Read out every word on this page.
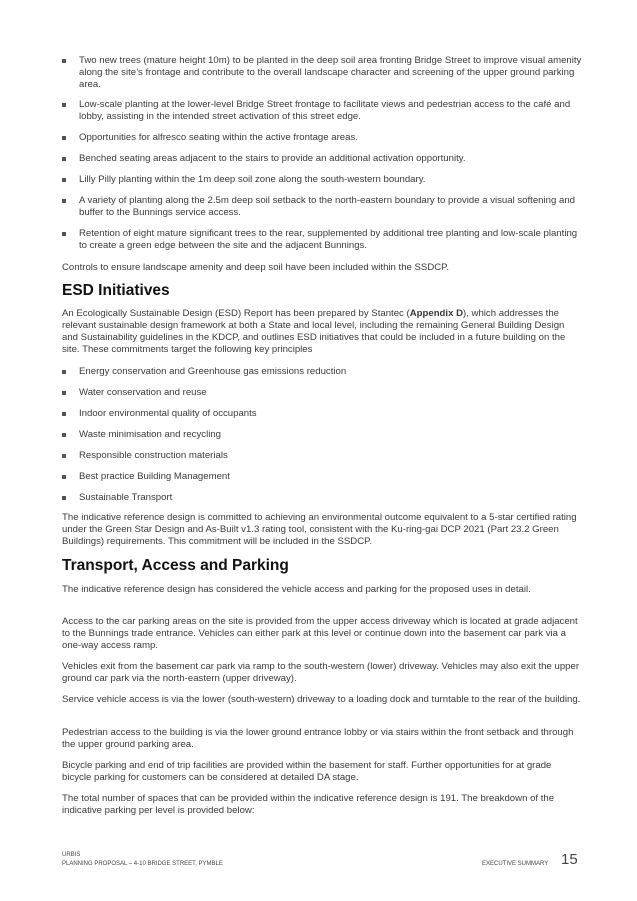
Two new trees (mature height 10m) to be planted in the deep soil area fronting Bridge Street to improve visual amenity along the site’s frontage and contribute to the overall landscape character and screening of the upper ground parking area.
Low-scale planting at the lower-level Bridge Street frontage to facilitate views and pedestrian access to the café and lobby, assisting in the intended street activation of this street edge.
Opportunities for alfresco seating within the active frontage areas.
Benched seating areas adjacent to the stairs to provide an additional activation opportunity.
Lilly Pilly planting within the 1m deep soil zone along the south-western boundary.
A variety of planting along the 2.5m deep soil setback to the north-eastern boundary to provide a visual softening and buffer to the Bunnings service access.
Retention of eight mature significant trees to the rear, supplemented by additional tree planting and low-scale planting to create a green edge between the site and the adjacent Bunnings.

Controls to ensure landscape amenity and deep soil have been included within the SSDCP.

ESD Initiatives

An Ecologically Sustainable Design (ESD) Report has been prepared by Stantec (Appendix D), which addresses the relevant sustainable design framework at both a State and local level, including the remaining General Building Design and Sustainability guidelines in the KDCP, and outlines ESD initiatives that could be included in a future building on the site. These commitments target the following key principles

Energy conservation and Greenhouse gas emissions reduction
Water conservation and reuse
Indoor environmental quality of occupants
Waste minimisation and recycling
Responsible construction materials
Best practice Building Management
Sustainable Transport

The indicative reference design is committed to achieving an environmental outcome equivalent to a 5-star certified rating under the Green Star Design and As-Built v1.3 rating tool, consistent with the Ku-ring-gai DCP 2021 (Part 23.2 Green Buildings) requirements. This commitment will be included in the SSDCP.

Transport, Access and Parking

The indicative reference design has considered the vehicle access and parking for the proposed uses in detail.

Access to the car parking areas on the site is provided from the upper access driveway which is located at grade adjacent to the Bunnings trade entrance. Vehicles can either park at this level or continue down into the basement car park via a one-way access ramp.

Vehicles exit from the basement car park via ramp to the south-western (lower) driveway. Vehicles may also exit the upper ground car park via the north-eastern (upper driveway).

Service vehicle access is via the lower (south-western) driveway to a loading dock and turntable to the rear of the building.

Pedestrian access to the building is via the lower ground entrance lobby or via stairs within the front setback and through the upper ground parking area.

Bicycle parking and end of trip facilities are provided within the basement for staff. Further opportunities for at grade bicycle parking for customers can be considered at detailed DA stage.

The total number of spaces that can be provided within the indicative reference design is 191. The breakdown of the indicative parking per level is provided below:

URBIS
PLANNING PROPOSAL – 4-10 BRIDGE STREET, PYMBLE	EXECUTIVE SUMMARY 15
